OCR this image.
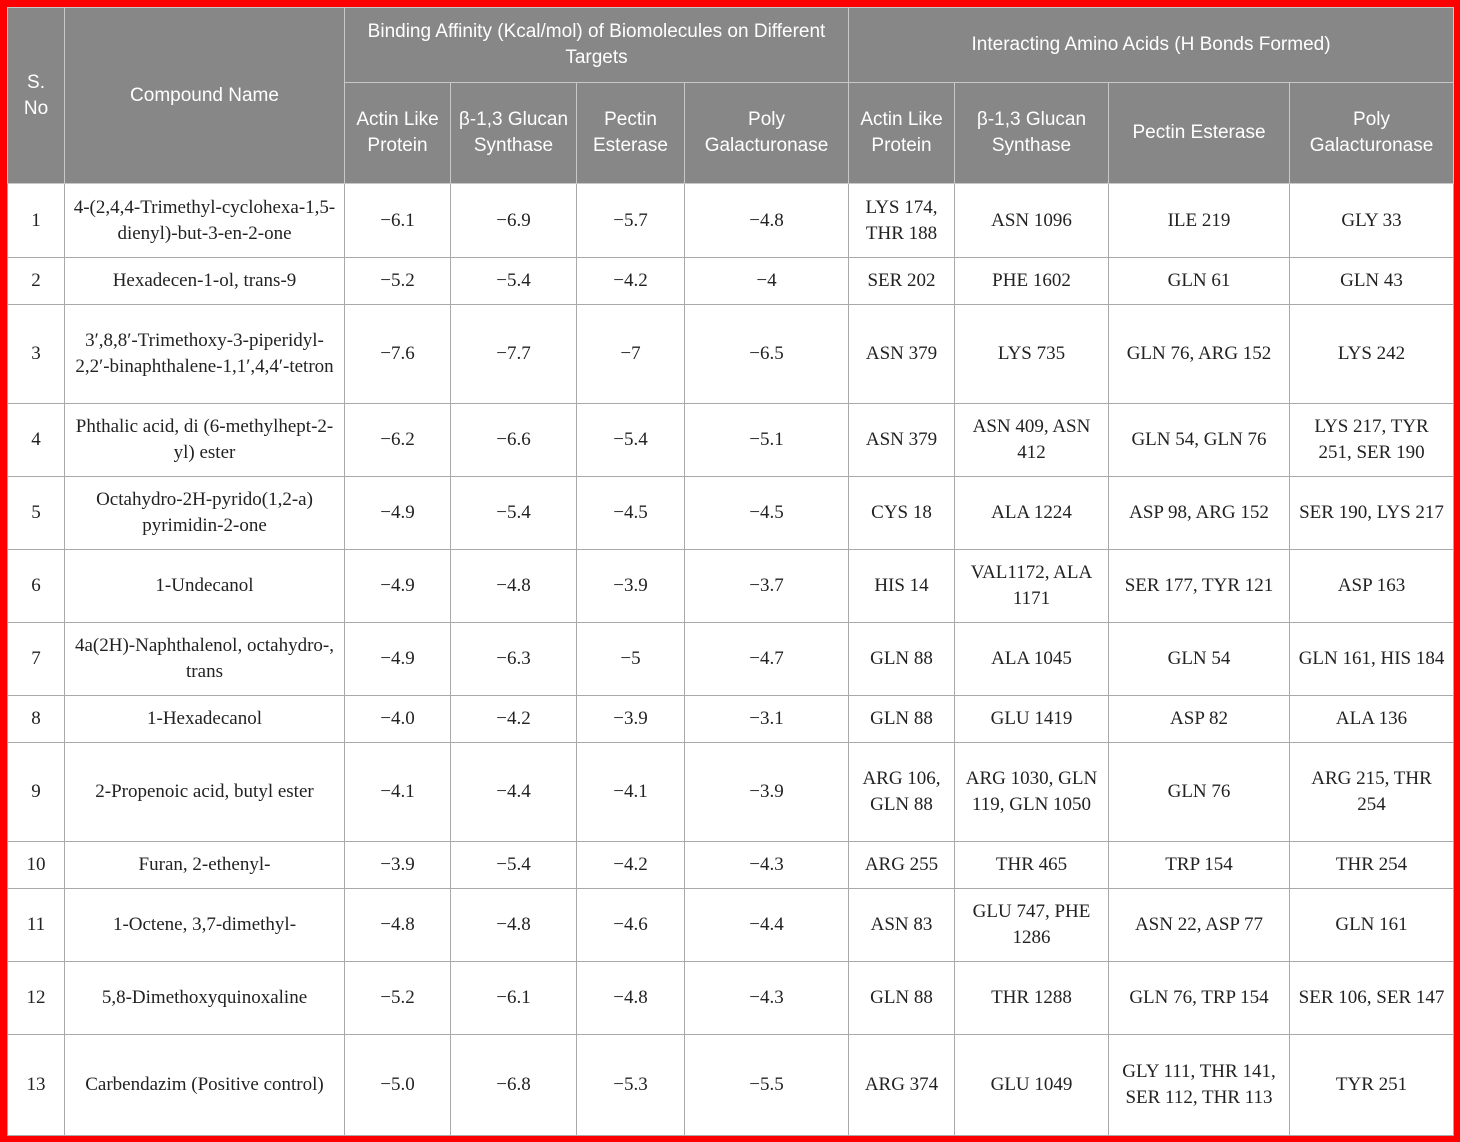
S.
No	Compound Name	Binding Affinity (Kcal/mol) of Biomolecules on Different Targets				Interacting Amino Acids (H Bonds Formed)			
		Actin Like Protein	β-1,3 Glucan Synthase	Pectin Esterase	Poly Galacturonase	Actin Like Protein	β-1,3 Glucan Synthase	Pectin Esterase	Poly Galacturonase
1	4-(2,4,4-Trimethyl-cyclohexa-1,5-dienyl)-but-3-en-2-one	−6.1	−6.9	−5.7	−4.8	LYS 174, THR 188	ASN 1096	ILE 219	GLY 33
2	Hexadecen-1-ol, trans-9	−5.2	−5.4	−4.2	−4	SER 202	PHE 1602	GLN 61	GLN 43
3	3′,8,8′-Trimethoxy-3-piperidyl-2,2′-binaphthalene-1,1′,4,4′-tetron	−7.6	−7.7	−7	−6.5	ASN 379	LYS 735	GLN 76, ARG 152	LYS 242
4	Phthalic acid, di (6-methylhept-2-yl) ester	−6.2	−6.6	−5.4	−5.1	ASN 379	ASN 409, ASN 412	GLN 54, GLN 76	LYS 217, TYR 251, SER 190
5	Octahydro-2H-pyrido(1,2-a) pyrimidin-2-one	−4.9	−5.4	−4.5	−4.5	CYS 18	ALA 1224	ASP 98, ARG 152	SER 190, LYS 217
6	1-Undecanol	−4.9	−4.8	−3.9	−3.7	HIS 14	VAL1172, ALA 1171	SER 177, TYR 121	ASP 163
7	4a(2H)-Naphthalenol, octahydro-, trans	−4.9	−6.3	−5	−4.7	GLN 88	ALA 1045	GLN 54	GLN 161, HIS 184
8	1-Hexadecanol	−4.0	−4.2	−3.9	−3.1	GLN 88	GLU 1419	ASP 82	ALA 136
9	2-Propenoic acid, butyl ester	−4.1	−4.4	−4.1	−3.9	ARG 106, GLN 88	ARG 1030, GLN 119, GLN 1050	GLN 76	ARG 215, THR 254
10	Furan, 2-ethenyl-	−3.9	−5.4	−4.2	−4.3	ARG 255	THR 465	TRP 154	THR 254
11	1-Octene, 3,7-dimethyl-	−4.8	−4.8	−4.6	−4.4	ASN 83	GLU 747, PHE 1286	ASN 22, ASP 77	GLN 161
12	5,8-Dimethoxyquinoxaline	−5.2	−6.1	−4.8	−4.3	GLN 88	THR 1288	GLN 76, TRP 154	SER 106, SER 147
13	Carbendazim (Positive control)	−5.0	−6.8	−5.3	−5.5	ARG 374	GLU 1049	GLY 111, THR 141, SER 112, THR 113	TYR 251
